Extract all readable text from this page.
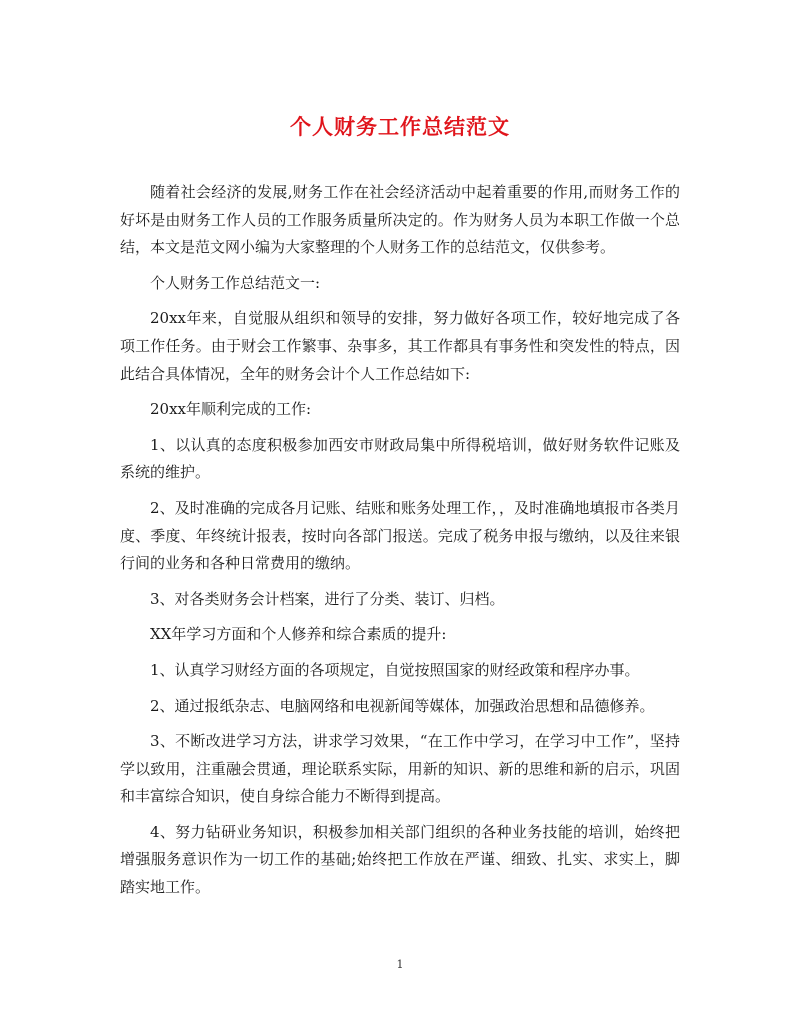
个人财务工作总结范文

随着社会经济的发展,财务工作在社会经济活动中起着重要的作用,而财务工作的好坏是由财务工作人员的工作服务质量所决定的。作为财务人员为本职工作做一个总结，本文是范文网小编为大家整理的个人财务工作的总结范文，仅供参考。

个人财务工作总结范文一:

20xx年来，自觉服从组织和领导的安排，努力做好各项工作，较好地完成了各项工作任务。由于财会工作繁事、杂事多，其工作都具有事务性和突发性的特点，因此结合具体情况，全年的财务会计个人工作总结如下:

20xx年顺利完成的工作:

1、以认真的态度积极参加西安市财政局集中所得税培训，做好财务软件记账及系统的维护。

2、及时准确的完成各月记账、结账和账务处理工作，，及时准确地填报市各类月度、季度、年终统计报表，按时向各部门报送。完成了税务申报与缴纳，以及往来银行间的业务和各种日常费用的缴纳。

3、对各类财务会计档案，进行了分类、装订、归档。

XX年学习方面和个人修养和综合素质的提升:

1、认真学习财经方面的各项规定，自觉按照国家的财经政策和程序办事。

2、通过报纸杂志、电脑网络和电视新闻等媒体，加强政治思想和品德修养。

3、不断改进学习方法，讲求学习效果，“在工作中学习，在学习中工作”，坚持学以致用，注重融会贯通，理论联系实际，用新的知识、新的思维和新的启示，巩固和丰富综合知识，使自身综合能力不断得到提高。

4、努力钻研业务知识，积极参加相关部门组织的各种业务技能的培训，始终把增强服务意识作为一切工作的基础;始终把工作放在严谨、细致、扎实、求实上，脚踏实地工作。

1
